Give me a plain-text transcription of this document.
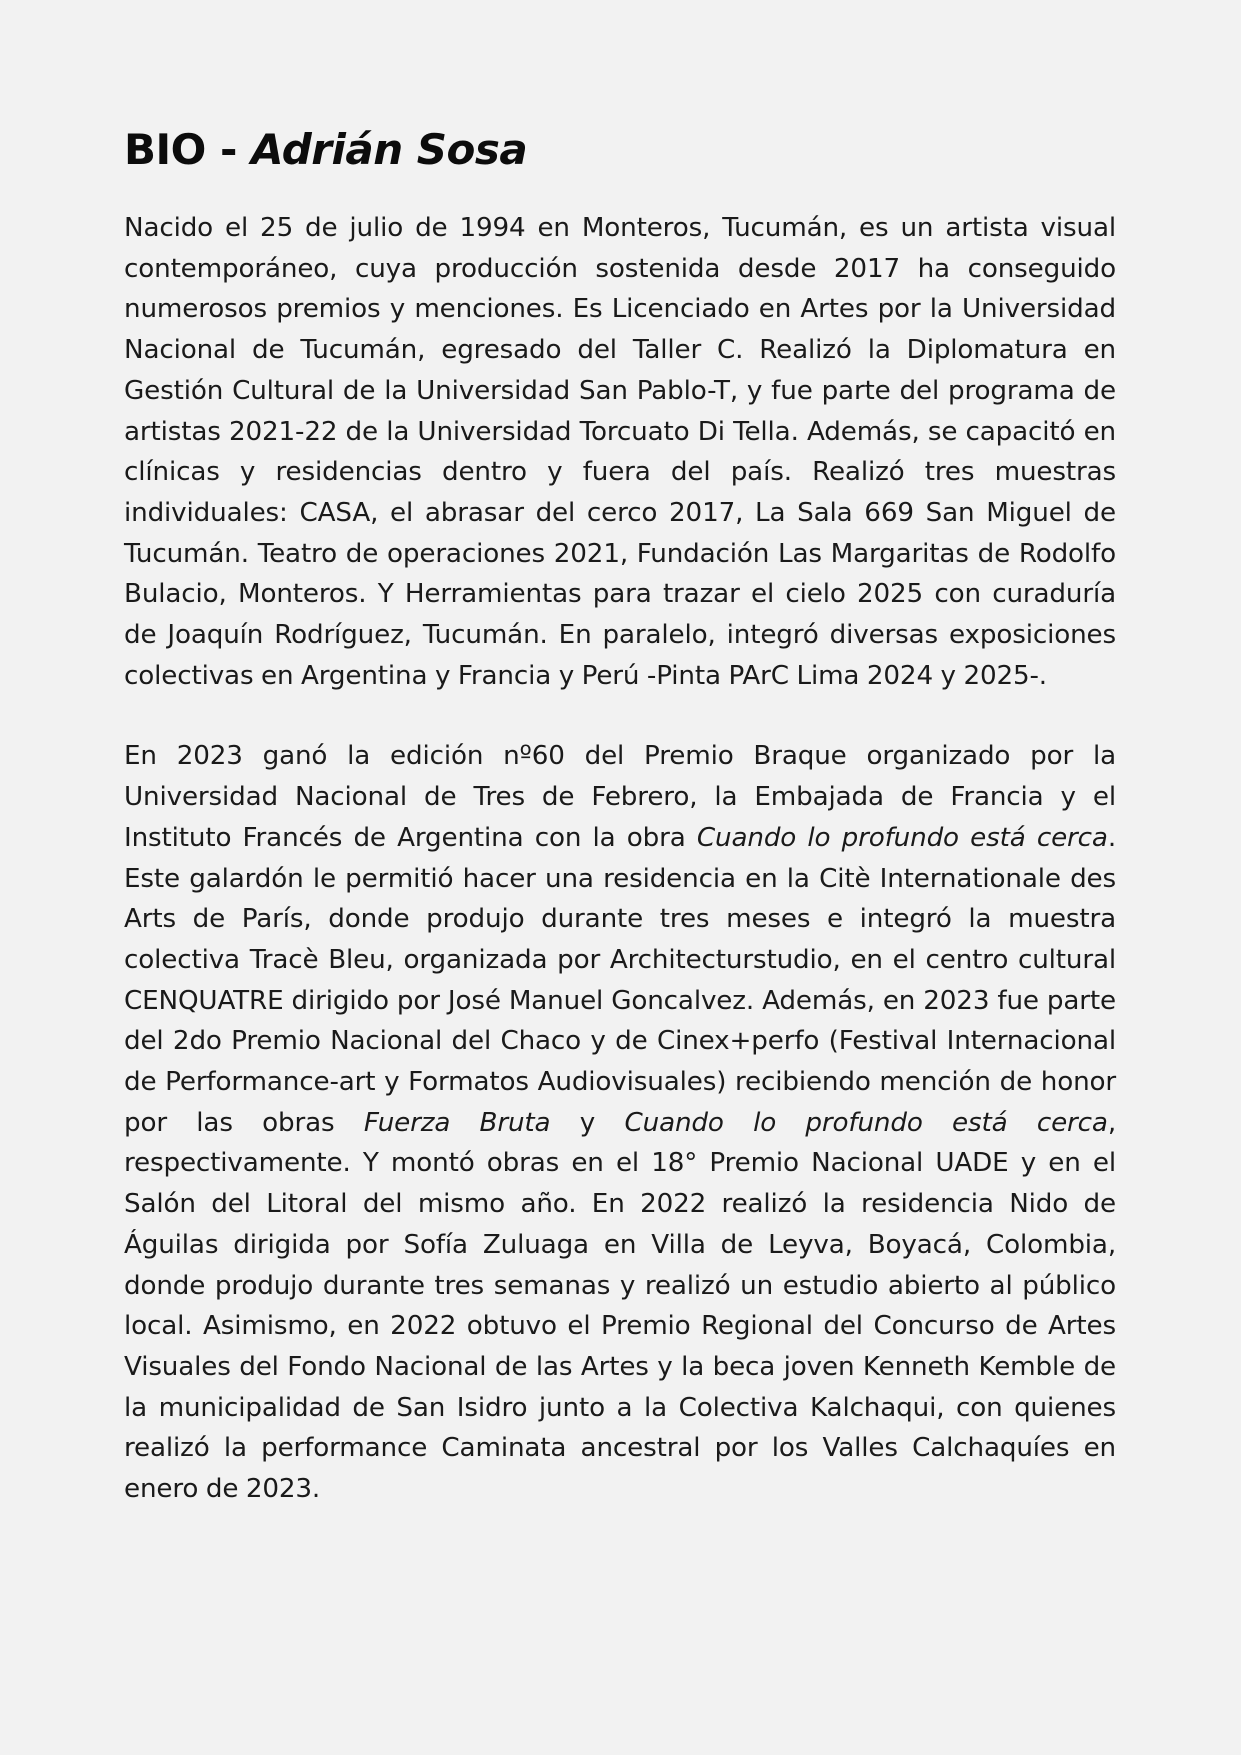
BIO - Adrián Sosa

Nacido el 25 de julio de 1994 en Monteros, Tucumán, es un artista visual contemporáneo, cuya producción sostenida desde 2017 ha conseguido numerosos premios y menciones. Es Licenciado en Artes por la Universidad Nacional de Tucumán, egresado del Taller C. Realizó la Diplomatura en Gestión Cultural de la Universidad San Pablo-T, y fue parte del programa de artistas 2021-22 de la Universidad Torcuato Di Tella. Además, se capacitó en clínicas y residencias dentro y fuera del país. Realizó tres muestras individuales: CASA, el abrasar del cerco 2017, La Sala 669 San Miguel de Tucumán. Teatro de operaciones 2021, Fundación Las Margaritas de Rodolfo Bulacio, Monteros. Y Herramientas para trazar el cielo 2025 con curaduría de Joaquín Rodríguez, Tucumán. En paralelo, integró diversas exposiciones colectivas en Argentina y Francia y Perú -Pinta PArC Lima 2024 y 2025-.

En 2023 ganó la edición nº60 del Premio Braque organizado por la Universidad Nacional de Tres de Febrero, la Embajada de Francia y el Instituto Francés de Argentina con la obra Cuando lo profundo está cerca. Este galardón le permitió hacer una residencia en la Citè Internationale des Arts de París, donde produjo durante tres meses e integró la muestra colectiva Tracè Bleu, organizada por Architecturstudio, en el centro cultural CENQUATRE dirigido por José Manuel Goncalvez. Además, en 2023 fue parte del 2do Premio Nacional del Chaco y de Cinex+perfo (Festival Internacional de Performance-art y Formatos Audiovisuales) recibiendo mención de honor por las obras Fuerza Bruta y Cuando lo profundo está cerca, respectivamente. Y montó obras en el 18° Premio Nacional UADE y en el Salón del Litoral del mismo año. En 2022 realizó la residencia Nido de Águilas dirigida por Sofía Zuluaga en Villa de Leyva, Boyacá, Colombia, donde produjo durante tres semanas y realizó un estudio abierto al público local. Asimismo, en 2022 obtuvo el Premio Regional del Concurso de Artes Visuales del Fondo Nacional de las Artes y la beca joven Kenneth Kemble de la municipalidad de San Isidro junto a la Colectiva Kalchaqui, con quienes realizó la performance Caminata ancestral por los Valles Calchaquíes en enero de 2023.
